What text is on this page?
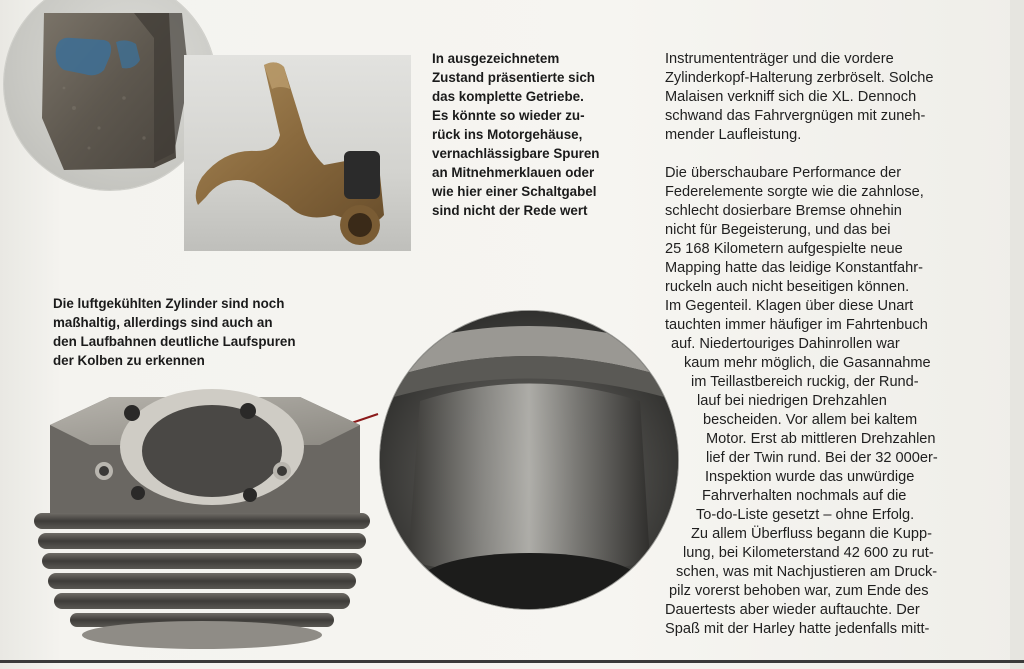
In ausgezeichnetem
Zustand präsentierte sich
das komplette Getriebe.
Es könnte so wieder zu-
rück ins Motorgehäuse,
vernachlässigbare Spuren
an Mitnehmerklauen oder
wie hier einer Schaltgabel
sind nicht der Rede wert
Die luftgekühlten Zylinder sind noch
maßhaltig, allerdings sind auch an
den Laufbahnen deutliche Laufspuren
der Kolben zu erkennen
Instrumententräger und die vordere
Zylinderkopf-Halterung zerbröselt. Solche
Malaisen verkniff sich die XL. Dennoch
schwand das Fahrvergnügen mit zuneh-
mender Laufleistung.
Die überschaubare Performance der
Federelemente sorgte wie die zahnlose,
schlecht dosierbare Bremse ohnehin
nicht für Begeisterung, und das bei
25 168 Kilometern aufgespielte neue
Mapping hatte das leidige Konstantfahr-
ruckeln auch nicht beseitigen können.
Im Gegenteil. Klagen über diese Unart
tauchten immer häufiger im Fahrtenbuch
auf. Niedertouriges Dahinrollen war
kaum mehr möglich, die Gasannahme
im Teillastbereich ruckig, der Rund-
lauf bei niedrigen Drehzahlen
bescheiden. Vor allem bei kaltem
Motor. Erst ab mittleren Drehzahlen
lief der Twin rund. Bei der 32 000er-
Inspektion wurde das unwürdige
Fahrverhalten nochmals auf die
To-do-Liste gesetzt – ohne Erfolg.
Zu allem Überfluss begann die Kupp-
lung, bei Kilometerstand 42 600 zu rut-
schen, was mit Nachjustieren am Druck-
pilz vorerst behoben war, zum Ende des
Dauertests aber wieder auftauchte. Der
Spaß mit der Harley hatte jedenfalls mitt-
